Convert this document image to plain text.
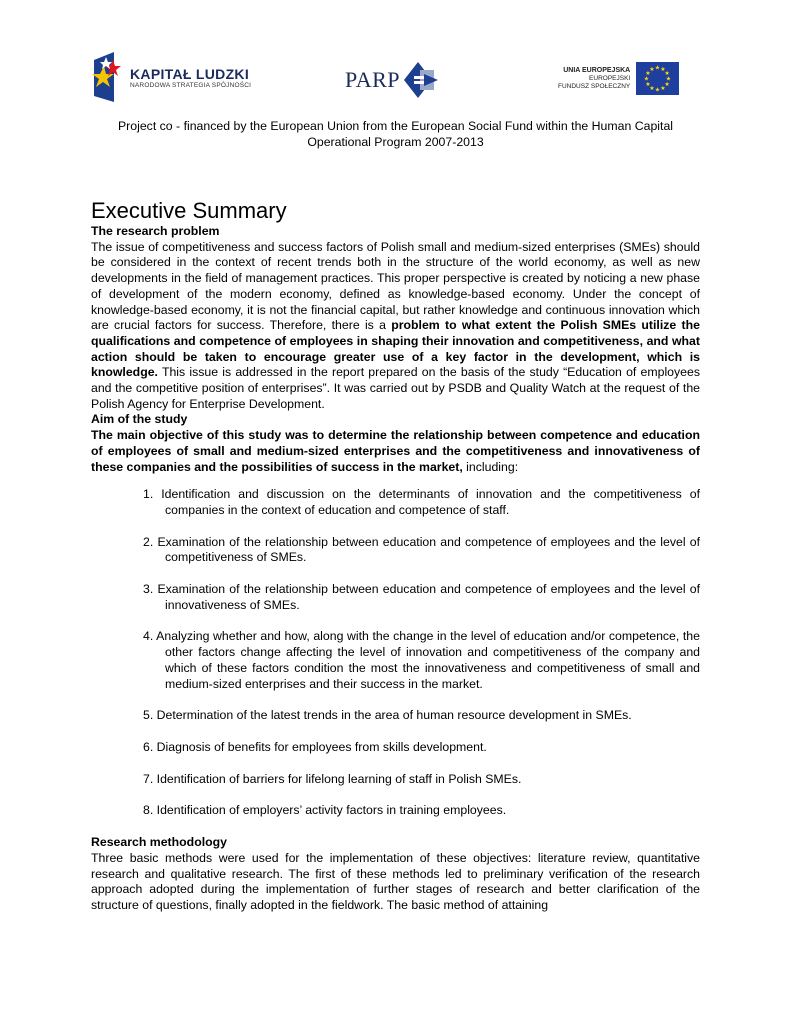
KAPITAŁ LUDZKI
NARODOWA STRATEGIA SPÓJNOŚCI	PARP	UNIA EUROPEJSKA
EUROPEJSKI
FUNDUSZ SPOŁECZNY
★
★
★
★
★
★
★
★
★ ★ ★
★
Project co - financed by the European Union from the European Social Fund within the Human Capital Operational Program 2007-2013
Executive Summary
The research problem

The issue of competitiveness and success factors of Polish small and medium-sized enterprises (SMEs) should be considered in the context of recent trends both in the structure of the world economy, as well as new developments in the field of management practices. This proper perspective is created by noticing a new phase of development of the modern economy, defined as knowledge-based economy. Under the concept of knowledge-based economy, it is not the financial capital, but rather knowledge and continuous innovation which are crucial factors for success. Therefore, there is a problem to what extent the Polish SMEs utilize the qualifications and competence of employees in shaping their innovation and competitiveness, and what action should be taken to encourage greater use of a key factor in the development, which is knowledge. This issue is addressed in the report prepared on the basis of the study “Education of employees and the competitive position of enterprises”. It was carried out by PSDB and Quality Watch at the request of the Polish Agency for Enterprise Development.

Aim of the study

The main objective of this study was to determine the relationship between competence and education of employees of small and medium-sized enterprises and the competitiveness and innovativeness of these companies and the possibilities of success in the market, including:

1. Identification and discussion on the determinants of innovation and the competitiveness of companies in the context of education and competence of staff.
2. Examination of the relationship between education and competence of employees and the level of competitiveness of SMEs.
3. Examination of the relationship between education and competence of employees and the level of innovativeness of SMEs.
4. Analyzing whether and how, along with the change in the level of education and/or competence, the other factors change affecting the level of innovation and competitiveness of the company and which of these factors condition the most the innovativeness and competitiveness of small and medium-sized enterprises and their success in the market.
5. Determination of the latest trends in the area of human resource development in SMEs.
6. Diagnosis of benefits for employees from skills development.
7. Identification of barriers for lifelong learning of staff in Polish SMEs.
8. Identification of employers’ activity factors in training employees.
Research methodology

Three basic methods were used for the implementation of these objectives: literature review, quantitative research and qualitative research. The first of these methods led to preliminary verification of the research approach adopted during the implementation of further stages of research and better clarification of the structure of questions, finally adopted in the fieldwork. The basic method of attaining
